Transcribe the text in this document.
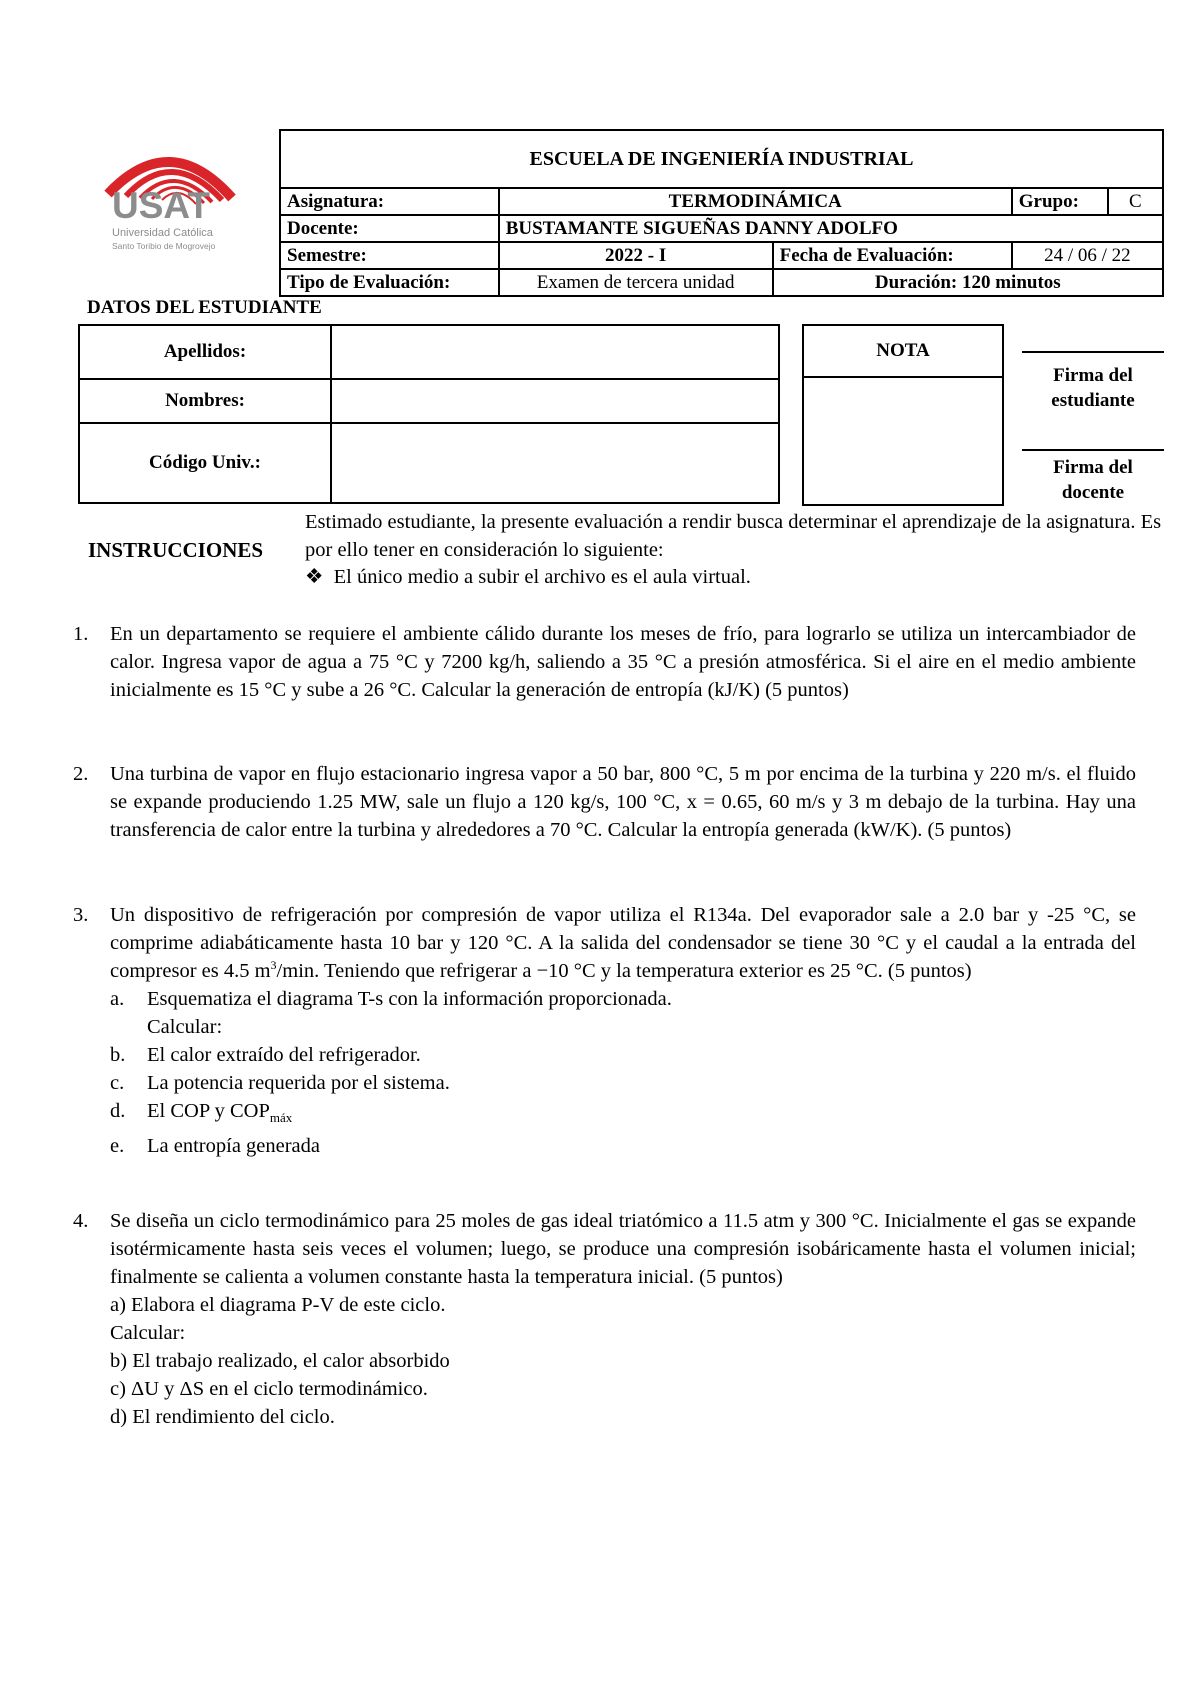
USAT
Universidad Católica
Santo Toribio de Mogrovejo
ESCUELA DE INGENIERÍA INDUSTRIAL				
Asignatura:	TERMODINÁMICA		Grupo:	C
Docente:	BUSTAMANTE SIGUEÑAS DANNY ADOLFO			
Semestre:	2022 - I	Fecha de Evaluación:	24 / 06 / 22	
Tipo de Evaluación:	Examen de tercera unidad	Duración: 120 minutos		
DATOS DEL ESTUDIANTE
Apellidos:	
Nombres:	
Código Univ.:	
NOTA
Firma del estudiante
Firma del docente
INSTRUCCIONES
Estimado estudiante, la presente evaluación a rendir busca determinar el aprendizaje de la asignatura. Es por ello tener en consideración lo siguiente:
❖ El único medio a subir el archivo es el aula virtual.
1. En un departamento se requiere el ambiente cálido durante los meses de frío, para lograrlo se utiliza un intercambiador de calor. Ingresa vapor de agua a 75 °C y 7200 kg/h, saliendo a 35 °C a presión atmosférica. Si el aire en el medio ambiente inicialmente es 15 °C y sube a 26 °C. Calcular la generación de entropía (kJ/K) (5 puntos)

2. Una turbina de vapor en flujo estacionario ingresa vapor a 50 bar, 800 °C, 5 m por encima de la turbina y 220 m/s. el fluido se expande produciendo 1.25 MW, sale un flujo a 120 kg/s, 100 °C, x = 0.65, 60 m/s y 3 m debajo de la turbina. Hay una transferencia de calor entre la turbina y alrededores a 70 °C. Calcular la entropía generada (kW/K). (5 puntos)

3. Un dispositivo de refrigeración por compresión de vapor utiliza el R134a. Del evaporador sale a 2.0 bar y -25 °C, se comprime adiabáticamente hasta 10 bar y 120 °C. A la salida del condensador se tiene 30 °C y el caudal a la entrada del compresor es 4.5 $m^3/\min$. Teniendo que refrigerar a −10 °C y la temperatura exterior es 25 °C. (5 puntos)

a.	Esquematiza el diagrama T-s con la información proporcionada.
Calcular:
b.	El calor extraído del refrigerador.
c.	La potencia requerida por el sistema.
d.	El COP y $COP_{máx}$
e.	La entropía generada
4. Se diseña un ciclo termodinámico para 25 moles de gas ideal triatómico a 11.5 atm y 300 °C. Inicialmente el gas se expande isotérmicamente hasta seis veces el volumen; luego, se produce una compresión isobáricamente hasta el volumen inicial; finalmente se calienta a volumen constante hasta la temperatura inicial. (5 puntos)

a) Elabora el diagrama P-V de este ciclo.

Calcular:

b) El trabajo realizado, el calor absorbido

c) ΔU y ΔS en el ciclo termodinámico.

d) El rendimiento del ciclo.
